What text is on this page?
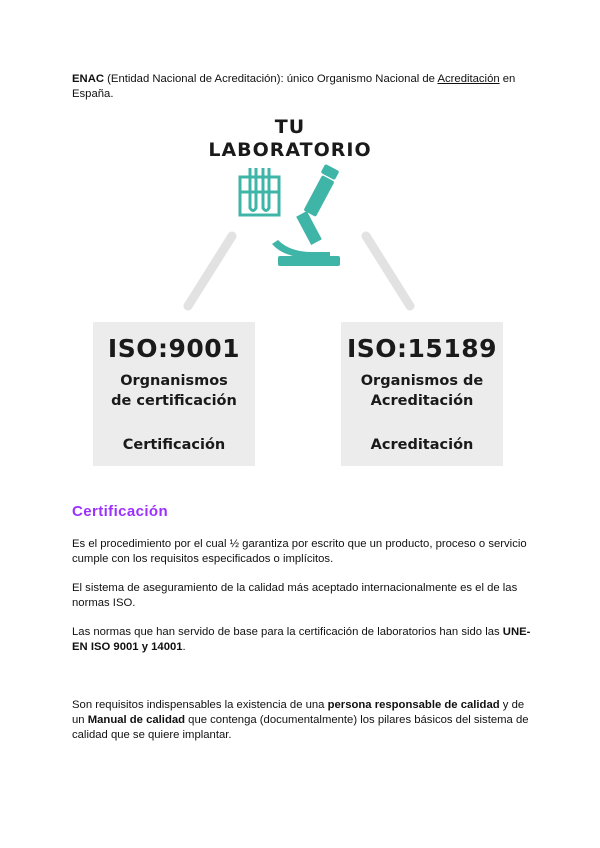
ENAC (Entidad Nacional de Acreditación): único Organismo Nacional de Acreditación en España.
TU
LABORATORIO
ISO:9001
Orgnanismos
de certificación
Certificación
ISO:15189
Organismos de
Acreditación
Acreditación
Certificación
Es el procedimiento por el cual ½ garantiza por escrito que un producto, proceso o servicio cumple con los requisitos especificados o implícitos.
El sistema de aseguramiento de la calidad más aceptado internacionalmente es el de las normas ISO.
Las normas que han servido de base para la certificación de laboratorios han sido las UNE-EN ISO 9001 y 14001.
Son requisitos indispensables la existencia de una persona responsable de calidad y de un Manual de calidad que contenga (documentalmente) los pilares básicos del sistema de calidad que se quiere implantar.
